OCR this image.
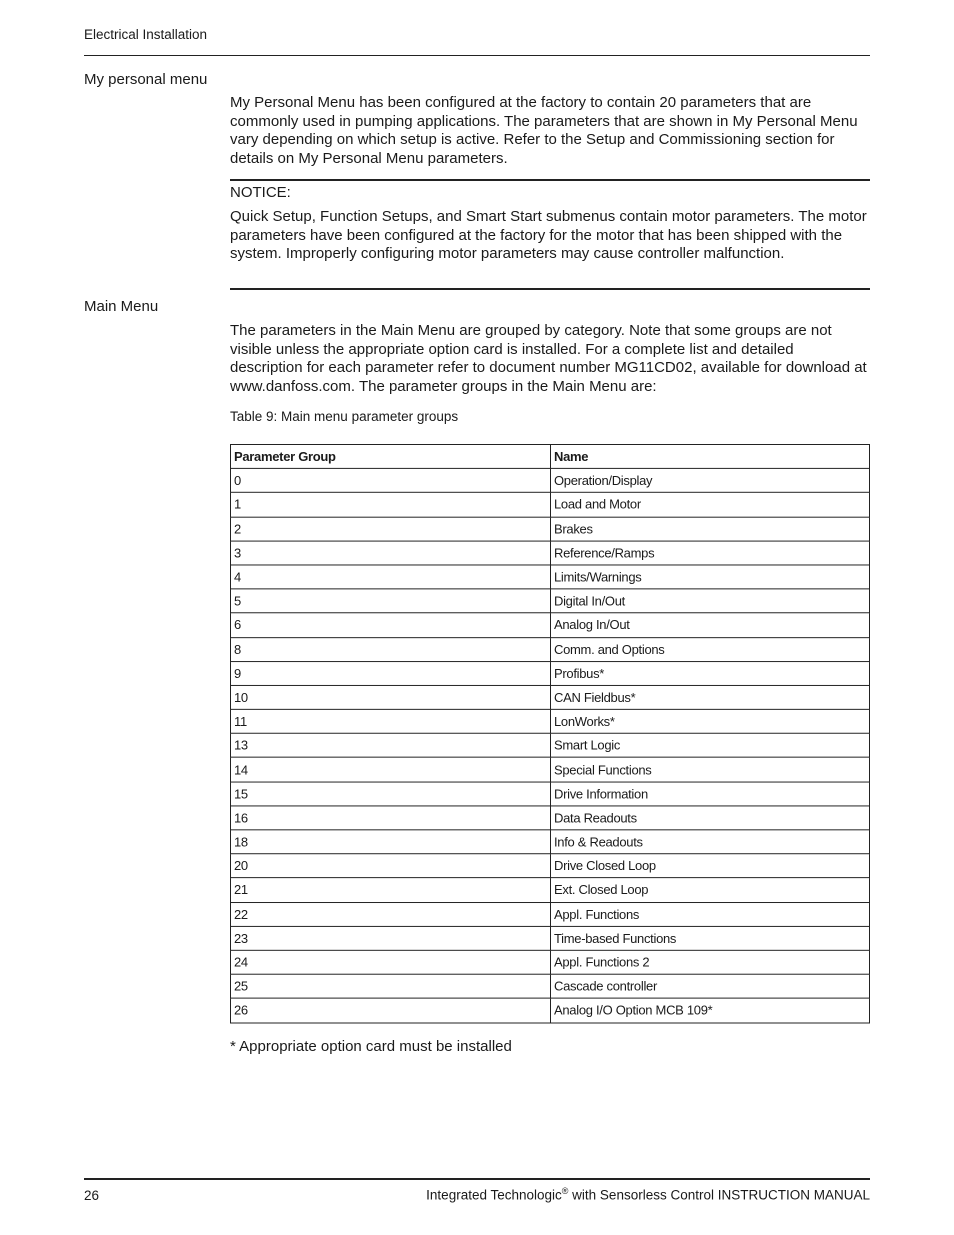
Electrical Installation
My personal menu
My Personal Menu has been configured at the factory to contain 20 parameters that are commonly used in pumping applications. The parameters that are shown in My Personal Menu vary depending on which setup is active. Refer to the Setup and Commissioning section for details on My Personal Menu parameters.
NOTICE:
Quick Setup, Function Setups, and Smart Start submenus contain motor parameters. The motor parameters have been configured at the factory for the motor that has been shipped with the system. Improperly configuring motor parameters may cause controller malfunction.
Main Menu
The parameters in the Main Menu are grouped by category. Note that some groups are not visible unless the appropriate option card is installed. For a complete list and detailed description for each parameter refer to document number MG11CD02, available for download at www.danfoss.com. The parameter groups in the Main Menu are:
Table 9: Main menu parameter groups
Parameter Group	Name
0	Operation/Display
1	Load and Motor
2	Brakes
3	Reference/Ramps
4	Limits/Warnings
5	Digital In/Out
6	Analog In/Out
8	Comm. and Options
9	Profibus*
10	CAN Fieldbus*
11	LonWorks*
13	Smart Logic
14	Special Functions
15	Drive Information
16	Data Readouts
18	Info & Readouts
20	Drive Closed Loop
21	Ext. Closed Loop
22	Appl. Functions
23	Time-based Functions
24	Appl. Functions 2
25	Cascade controller
26	Analog I/O Option MCB 109*
* Appropriate option card must be installed
26	Integrated Technologic® with Sensorless Control INSTRUCTION MANUAL
